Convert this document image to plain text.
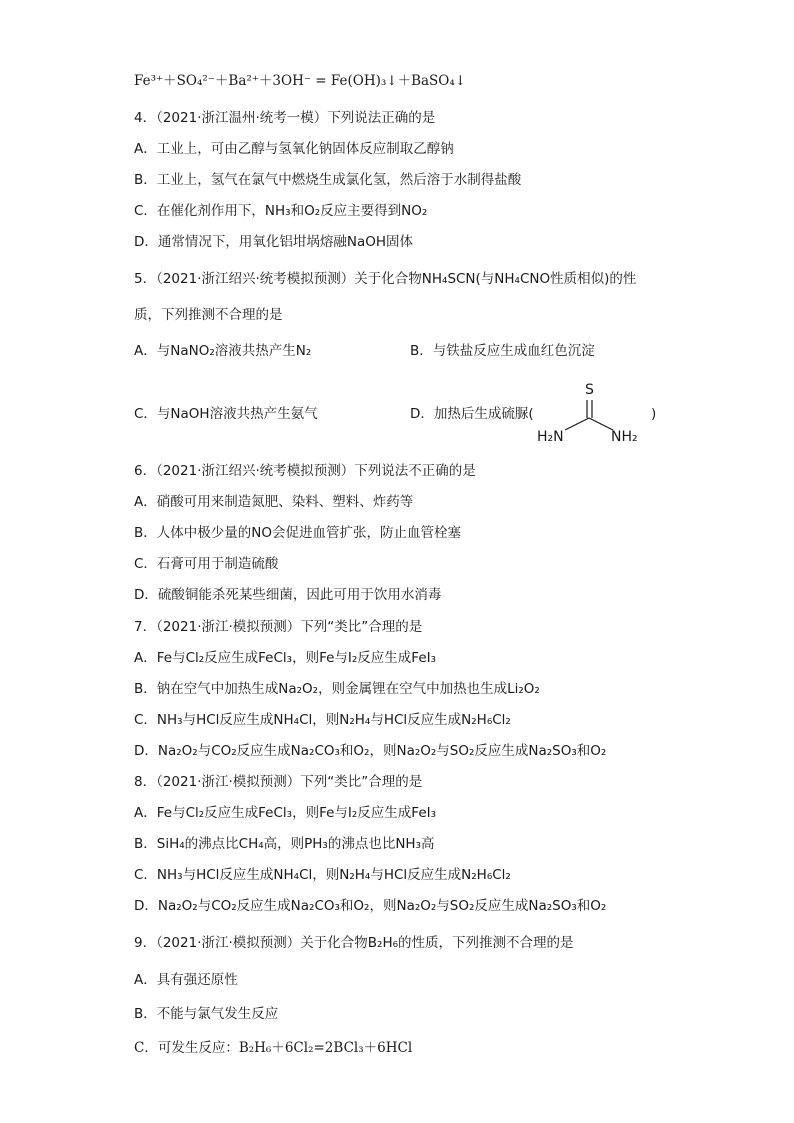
Fe³⁺＋SO₄²⁻＋Ba²⁺＋3OH⁻ = Fe(OH)₃↓＋BaSO₄↓
4．（2021·浙江温州·统考一模）下列说法正确的是
A．工业上，可由乙醇与氢氧化钠固体反应制取乙醇钠
B．工业上，氢气在氯气中燃烧生成氯化氢，然后溶于水制得盐酸
C．在催化剂作用下，NH₃和O₂反应主要得到NO₂
D．通常情况下，用氧化铝坩埚熔融NaOH固体
5．（2021·浙江绍兴·统考模拟预测）关于化合物NH₄SCN(与NH₄CNO性质相似)的性
质，下列推测不合理的是
A．与NaNO₂溶液共热产生N₂	B．与铁盐反应生成血红色沉淀
C．与NaOH溶液共热产生氨气	D．加热后生成硫脲(
S
H₂N	NH₂
)
6．（2021·浙江绍兴·统考模拟预测）下列说法不正确的是
A．硝酸可用来制造氮肥、染料、塑料、炸药等
B．人体中极少量的NO会促进血管扩张，防止血管栓塞
C．石膏可用于制造硫酸
D．硫酸铜能杀死某些细菌，因此可用于饮用水消毒
7．（2021·浙江·模拟预测）下列“类比”合理的是
A．Fe与Cl₂反应生成FeCl₃，则Fe与I₂反应生成FeI₃
B．钠在空气中加热生成Na₂O₂，则金属锂在空气中加热也生成Li₂O₂
C．NH₃与HCl反应生成NH₄Cl，则N₂H₄与HCl反应生成N₂H₆Cl₂
D．Na₂O₂与CO₂反应生成Na₂CO₃和O₂，则Na₂O₂与SO₂反应生成Na₂SO₃和O₂
8．（2021·浙江·模拟预测）下列“类比”合理的是
A．Fe与Cl₂反应生成FeCl₃，则Fe与I₂反应生成FeI₃
B．SiH₄的沸点比CH₄高，则PH₃的沸点也比NH₃高
C．NH₃与HCl反应生成NH₄Cl，则N₂H₄与HCl反应生成N₂H₆Cl₂
D．Na₂O₂与CO₂反应生成Na₂CO₃和O₂，则Na₂O₂与SO₂反应生成Na₂SO₃和O₂
9．（2021·浙江·模拟预测）关于化合物B₂H₆的性质，下列推测不合理的是
A．具有强还原性
B．不能与氯气发生反应
C．可发生反应：B₂H₆＋6Cl₂=2BCl₃＋6HCl
